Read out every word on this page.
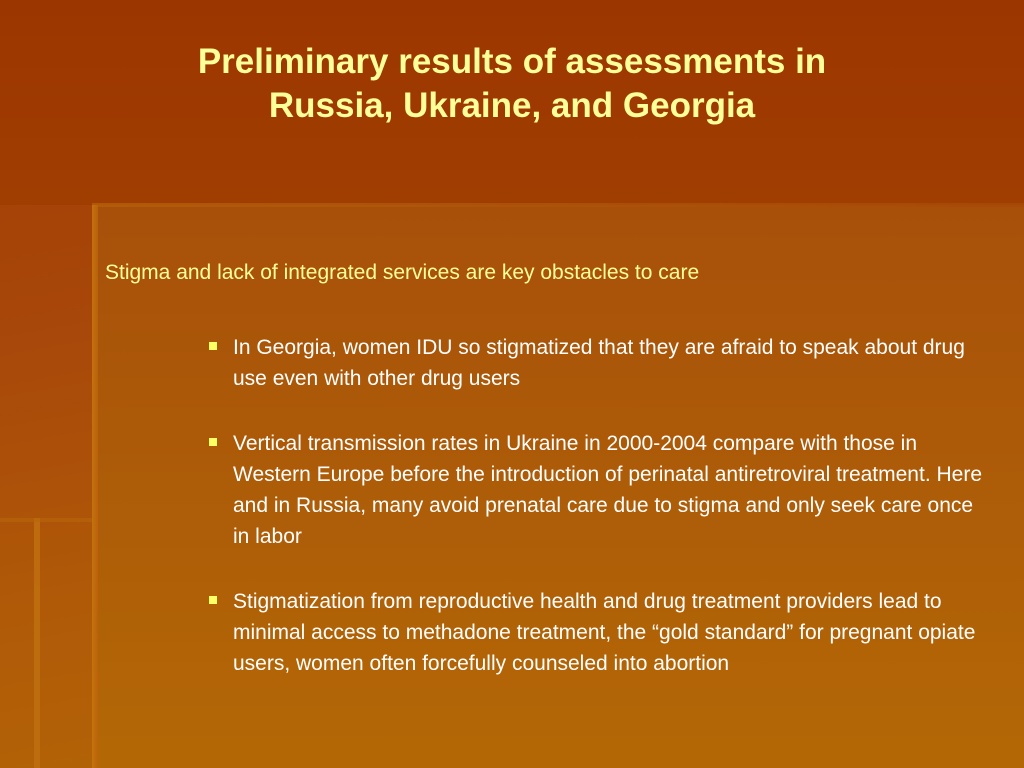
Preliminary results of assessments in
Russia, Ukraine, and Georgia

Stigma and lack of integrated services are key obstacles to care

In Georgia, women IDU so stigmatized that they are afraid to speak about drug use even with other drug users
Vertical transmission rates in Ukraine in 2000-2004 compare with those in Western Europe before the introduction of perinatal antiretroviral treatment. Here and in Russia, many avoid prenatal care due to stigma and only seek care once in labor
Stigmatization from reproductive health and drug treatment providers lead to minimal access to methadone treatment, the “gold standard” for pregnant opiate users, women often forcefully counseled into abortion
